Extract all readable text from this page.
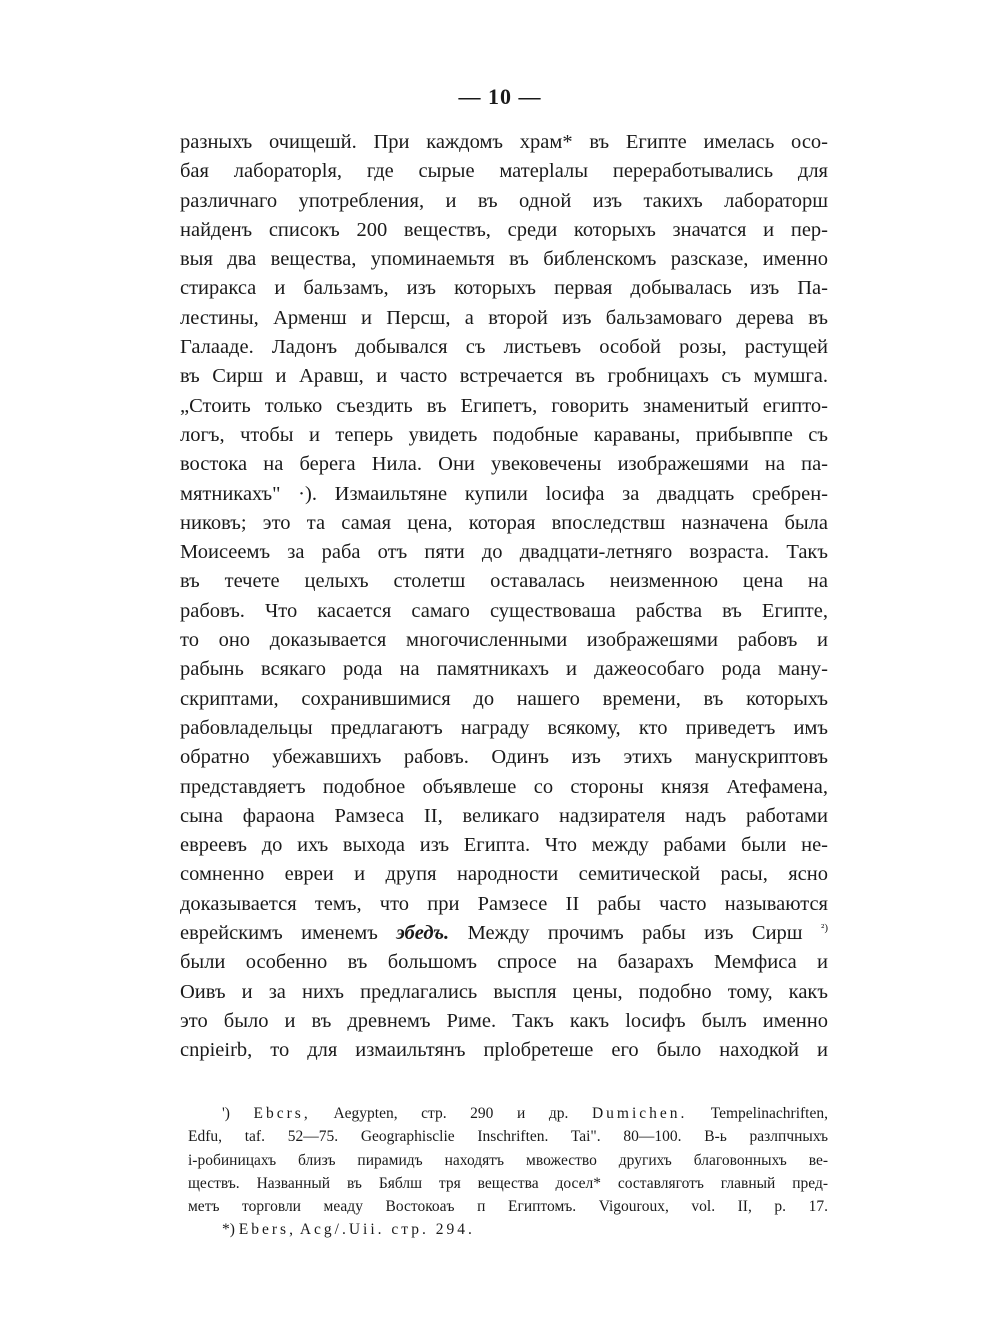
— 10 —
разныхъ очищешй. При каждомъ храм* въ Египте имелась осо-
бая лабораторlя, где сырые матерlалы переработывались для
различнаго употребления, и въ одной изъ такихъ лабораторш
найденъ списокъ 200 веществъ, среди которыхъ значатся и пер-
выя два вещества, упоминаемьтя въ библенскомъ разсказе, именно
стиракса и бальзамъ, изъ которыхъ первая добывалась изъ Па-
лестины, Арменш и Персш, а второй изъ бальзамоваго дерева въ
Галааде. Ладонъ добывался съ листьевъ особой розы, растущей
въ Сирш и Аравш, и часто встречается въ гробницахъ съ мумшга.
„Стоить только съездить въ Египетъ, говорить знаменитый египто-
логъ, чтобы и теперь увидеть подобные караваны, прибывппе съ
востока на берега Нила. Они увековечены изображешями на па-
мятникахъ" ·). Измаильтяне купили lосифа за двадцать сребрен-
никовъ; это та самая цена, которая впоследствш назначена была
Моисеемъ за раба отъ пяти до двадцати-летняго возраста. Такъ
въ течете целыхъ столетш оставалась неизменною цена на
рабовъ. Что касается самаго существоваша рабства въ Египте,
то оно доказывается многочисленными изображешями рабовъ и
рабынь всякаго рода на памятникахъ и дажеособаго рода ману-
скриптами, сохранившимися до нашего времени, въ которыхъ
рабовладельцы предлагаютъ награду всякому, кто приведетъ имъ
обратно убежавшихъ рабовъ. Одинъ изъ этихъ манускриптовъ
представдяетъ подобное объявлеше со стороны князя Атефамена,
сына фараона Рамзеса II, великаго надзирателя надъ работами
евреевъ до ихъ выхода изъ Египта. Что между рабами были не-
сомненно евреи и друпя народности семитической расы, ясно
доказывается темъ, что при Рамзесе II рабы часто называются
еврейскимъ именемъ эбедъ. Между прочимъ рабы изъ Сирш $^{^2)}$
были особенно въ большомъ спросе на базарахъ Мемфиса и
Оивъ и за нихъ предлагались выспля цены, подобно тому, какъ
это было и въ древнемъ Риме. Такъ какъ lосифъ былъ именно
cnpieirb, то для измаильтянъ прlобретеше его было находкой и
') Ebcrs, Aegypten, стр. 290 и др. Dumichen. Tempelinachriften,
Edfu, taf. 52—75. Geographisclie Inschriften. Tai". 80—100. В-ь разлпчныхъ
i-робиницахъ близъ пирамидъ находятъ мвожество другихъ благовонныхъ ве-
ществъ. Названный въ Бяблш тря вещества досел* составляготъ главный пред-
метъ торговли меаду Востокоаъ п Египтомъ. Vigouroux, vol. II, p. 17.
*) Ebers, Acg/.Uii. стр. 294.
